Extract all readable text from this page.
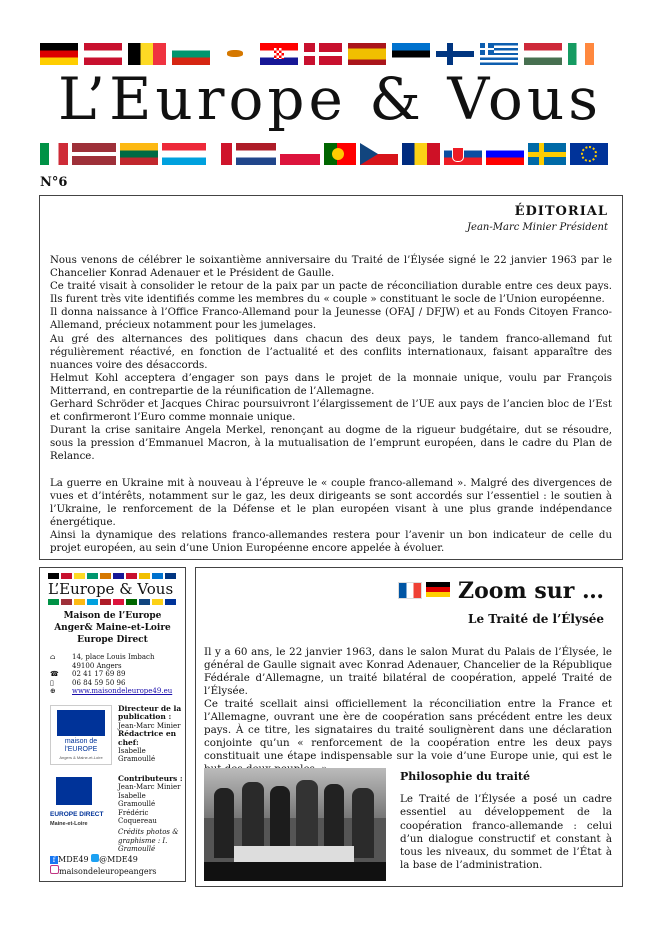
L’Europe & Vous
N°6
ÉDITORIAL
Jean-Marc Minier Président

Nous venons de célébrer le soixantième anniversaire du Traité de l’Élysée signé le 22 janvier 1963 par le Chancelier Konrad Adenauer et le Président de Gaulle.

Ce traité visait à consolider le retour de la paix par un pacte de réconciliation durable entre ces deux pays. Ils furent très vite identifiés comme les membres du « couple » constituant le socle de l’Union européenne.

Il donna naissance à l’Office Franco-Allemand pour la Jeunesse (OFAJ / DFJW) et au Fonds Citoyen Franco-Allemand, précieux notamment pour les jumelages.

Au gré des alternances des politiques dans chacun des deux pays, le tandem franco-allemand fut régulièrement réactivé, en fonction de l’actualité et des conflits internationaux, faisant apparaître des nuances voire des désaccords.

Helmut Kohl acceptera d’engager son pays dans le projet de la monnaie unique, voulu par François Mitterrand, en contrepartie de la réunification de l’Allemagne.

Gerhard Schröder et Jacques Chirac poursuivront l’élargissement de l’UE aux pays de l’ancien bloc de l’Est et confirmeront l’Euro comme monnaie unique.

Durant la crise sanitaire Angela Merkel, renonçant au dogme de la rigueur budgétaire, dut se résoudre, sous la pression d’Emmanuel Macron, à la mutualisation de l’emprunt européen, dans le cadre du Plan de Relance.

La guerre en Ukraine mit à nouveau à l’épreuve le « couple franco-allemand ». Malgré des divergences de vues et d’intérêts, notamment sur le gaz, les deux dirigeants se sont accordés sur l’essentiel : le soutien à l’Ukraine, le renforcement de la Défense et le plan européen visant à une plus grande indépendance énergétique.

Ainsi la dynamique des relations franco-allemandes restera pour l’avenir un bon indicateur de celle du projet européen, au sein d’une Union Européenne encore appelée à évoluer.

L’Europe & Vous
Maison de l’Europe
Anger& Maine-et-Loire
Europe Direct
⌂	14, place Louis Imbach
49100 Angers
☎	02 41 17 69 89
▯	06 84 59 50 96
⊕	www.maisondeleurope49.eu
maison de l’EUROPE
Angers & Maine-et-Loire
Directeur de la publication :
Jean-Marc Minier
Rédactrice en chef:
Isabelle Gramoullé
EUROPE DIRECT
Maine-et-Loire
Contributeurs :
Jean-Marc Minier
Isabelle Gramoullé
Frédéric Coquereau

Crédits photos & graphisme : I. Gramoullé
f MDE49 @MDE49
maisondeleuropeangers
Zoom sur …
Le Traité de l’Élysée

Il y a 60 ans, le 22 janvier 1963, dans le salon Murat du Palais de l’Élysée, le général de Gaulle signait avec Konrad Adenauer, Chancelier de la République Fédérale d’Allemagne, un traité bilatéral de coopération, appelé Traité de l’Élysée.

Ce traité scellait ainsi officiellement la réconciliation entre la France et l’Allemagne, ouvrant une ère de coopération sans précédent entre les deux pays. À ce titre, les signataires du traité soulignèrent dans une déclaration conjointe qu’un « renforcement de la coopération entre les deux pays constituait une étape indispensable sur la voie d’une Europe unie, qui est le

Philosophie du traité
Le Traité de l’Élysée a posé un cadre essentiel au développement de la coopération franco-allemande : celui d’un dialogue constructif et constant à tous les niveaux, du sommet de l’État à la base de l’administration.
